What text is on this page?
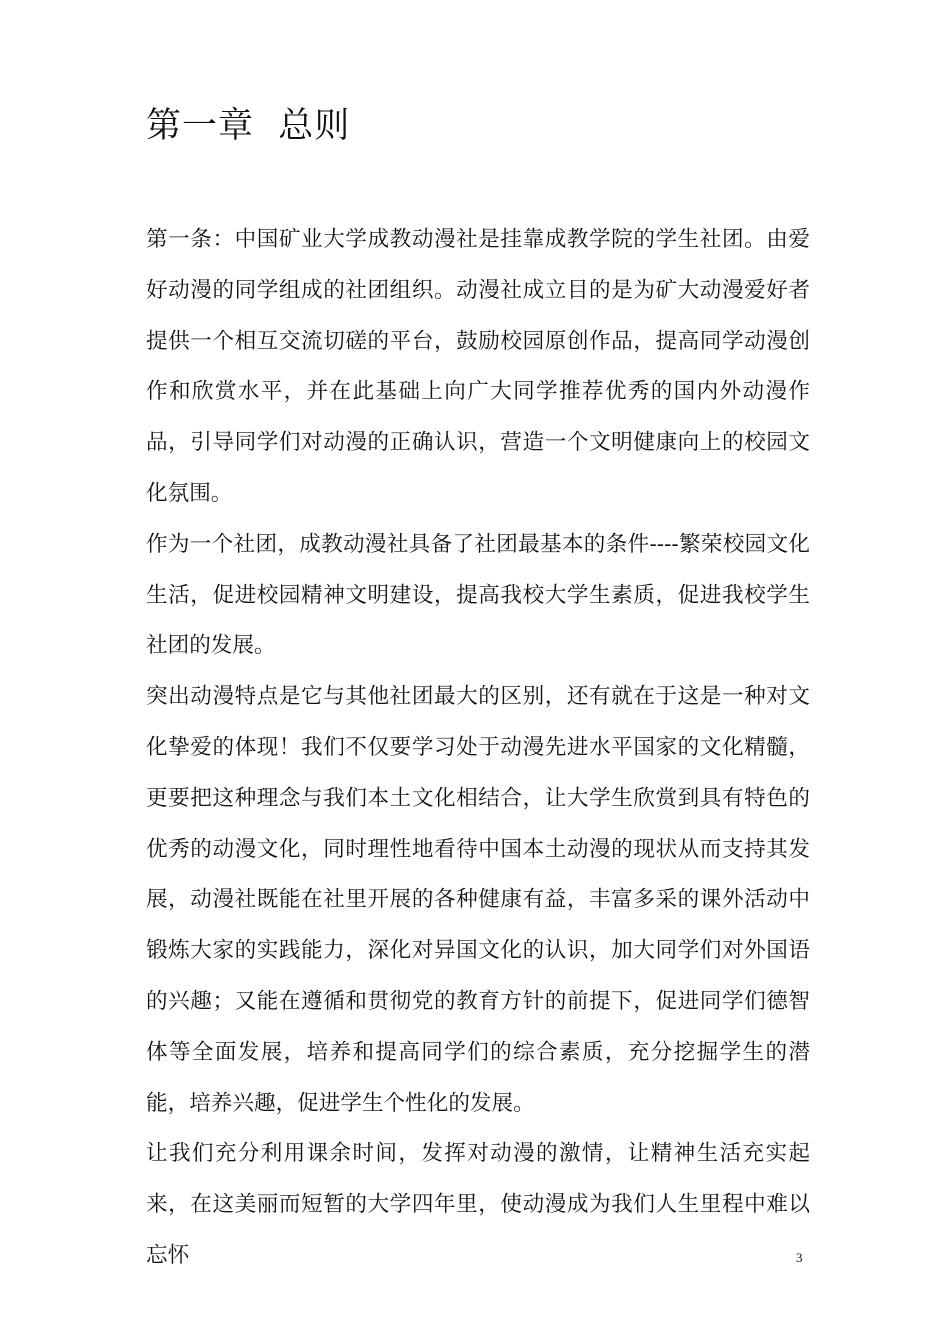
第一章  总则

第一条：中国矿业大学成教动漫社是挂靠成教学院的学生社团。由爱好动漫的同学组成的社团组织。动漫社成立目的是为矿大动漫爱好者提供一个相互交流切磋的平台，鼓励校园原创作品，提高同学动漫创作和欣赏水平，并在此基础上向广大同学推荐优秀的国内外动漫作品，引导同学们对动漫的正确认识，营造一个文明健康向上的校园文化氛围。

作为一个社团，成教动漫社具备了社团最基本的条件----繁荣校园文化生活，促进校园精神文明建设，提高我校大学生素质，促进我校学生社团的发展。

突出动漫特点是它与其他社团最大的区别，还有就在于这是一种对文化挚爱的体现！我们不仅要学习处于动漫先进水平国家的文化精髓，更要把这种理念与我们本土文化相结合，让大学生欣赏到具有特色的优秀的动漫文化，同时理性地看待中国本土动漫的现状从而支持其发展，动漫社既能在社里开展的各种健康有益，丰富多采的课外活动中锻炼大家的实践能力，深化对异国文化的认识，加大同学们对外国语的兴趣；又能在遵循和贯彻党的教育方针的前提下，促进同学们德智体等全面发展，培养和提高同学们的综合素质，充分挖掘学生的潜能，培养兴趣，促进学生个性化的发展。

让我们充分利用课余时间，发挥对动漫的激情，让精神生活充实起来，在这美丽而短暂的大学四年里，使动漫成为我们人生里程中难以忘怀	3
